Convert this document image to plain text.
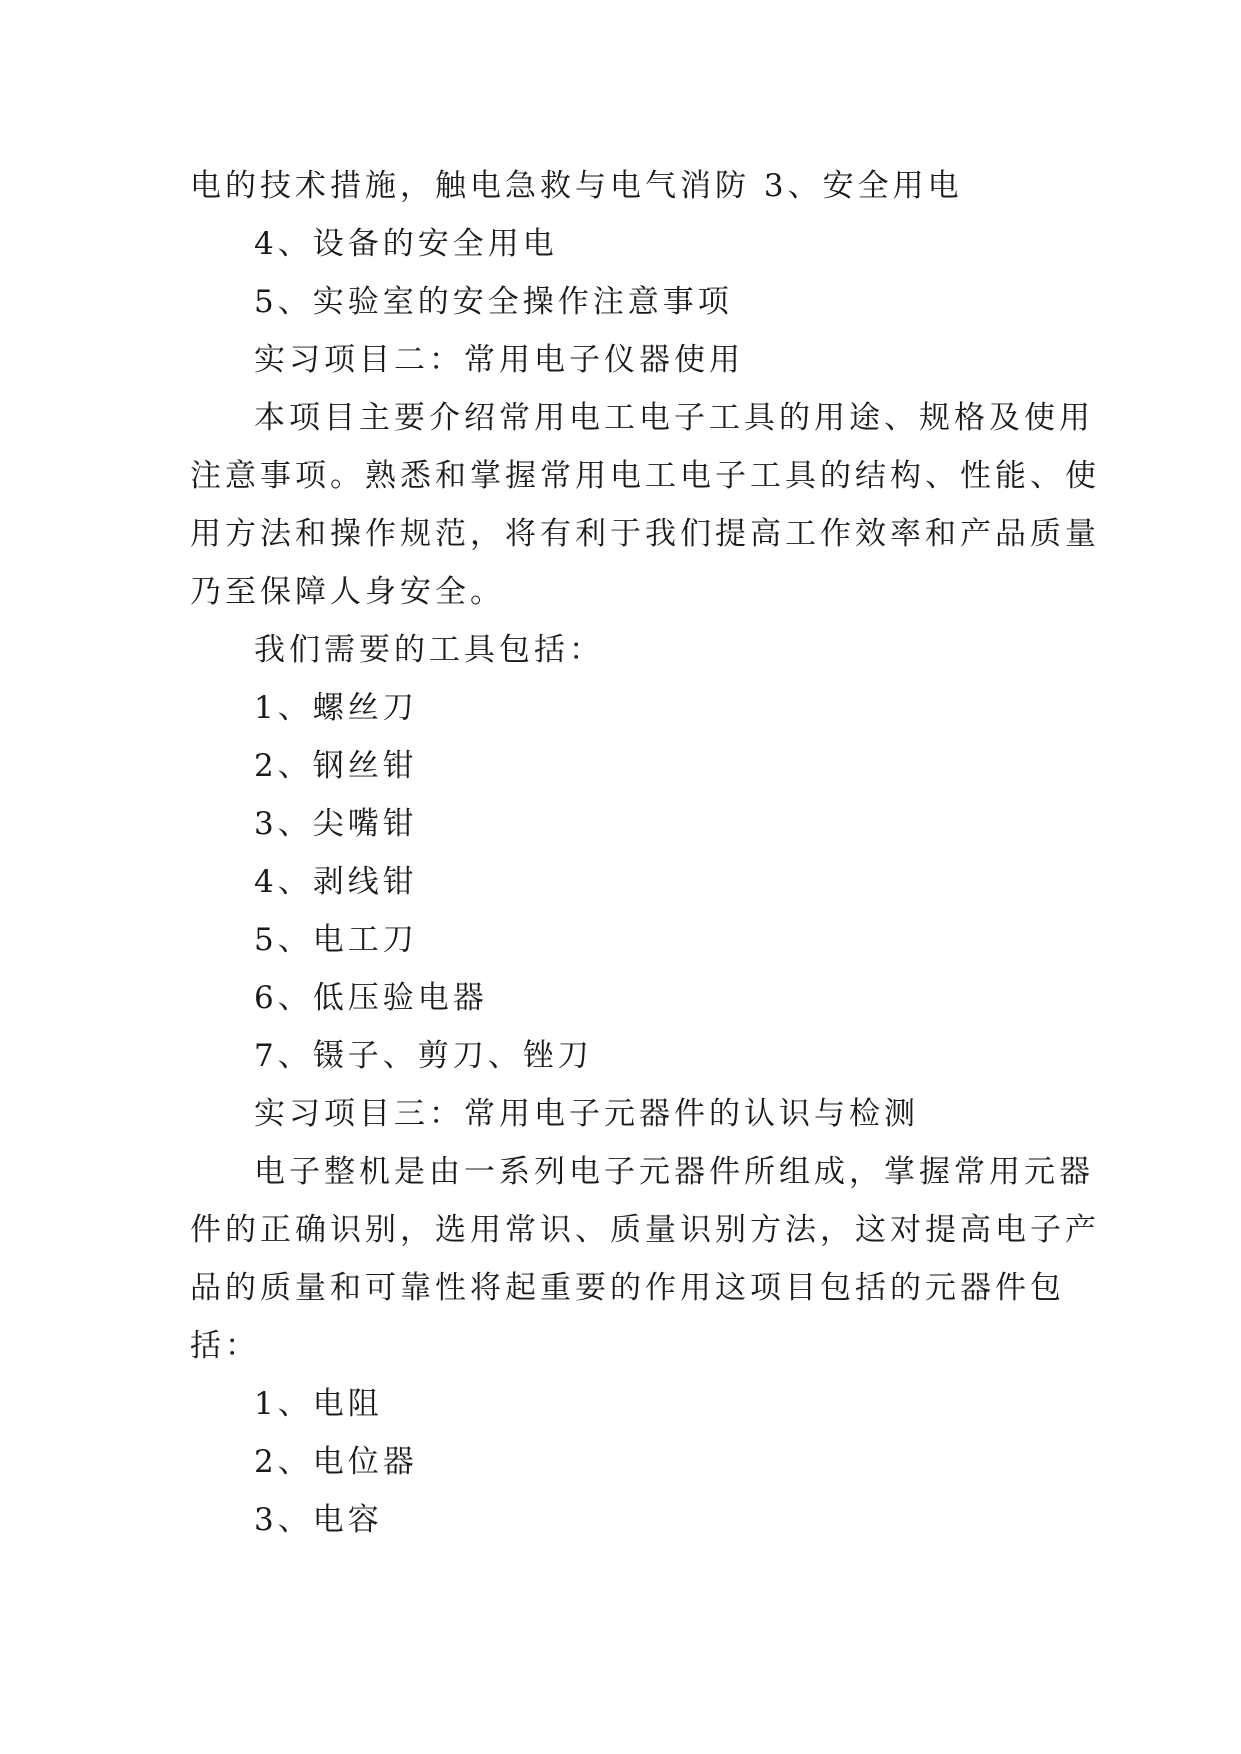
电的技术措施，触电急救与电气消防 3、安全用电

4、设备的安全用电

5、实验室的安全操作注意事项

实习项目二：常用电子仪器使用

本项目主要介绍常用电工电子工具的用途、规格及使用

注意事项。熟悉和掌握常用电工电子工具的结构、性能、使

用方法和操作规范，将有利于我们提高工作效率和产品质量

乃至保障人身安全。

我们需要的工具包括：

1、螺丝刀

2、钢丝钳

3、尖嘴钳

4、剥线钳

5、电工刀

6、低压验电器

7、镊子、剪刀、锉刀

实习项目三：常用电子元器件的认识与检测

电子整机是由一系列电子元器件所组成，掌握常用元器

件的正确识别，选用常识、质量识别方法，这对提高电子产

品的质量和可靠性将起重要的作用这项目包括的元器件包

括：

1、电阻

2、电位器

3、电容
